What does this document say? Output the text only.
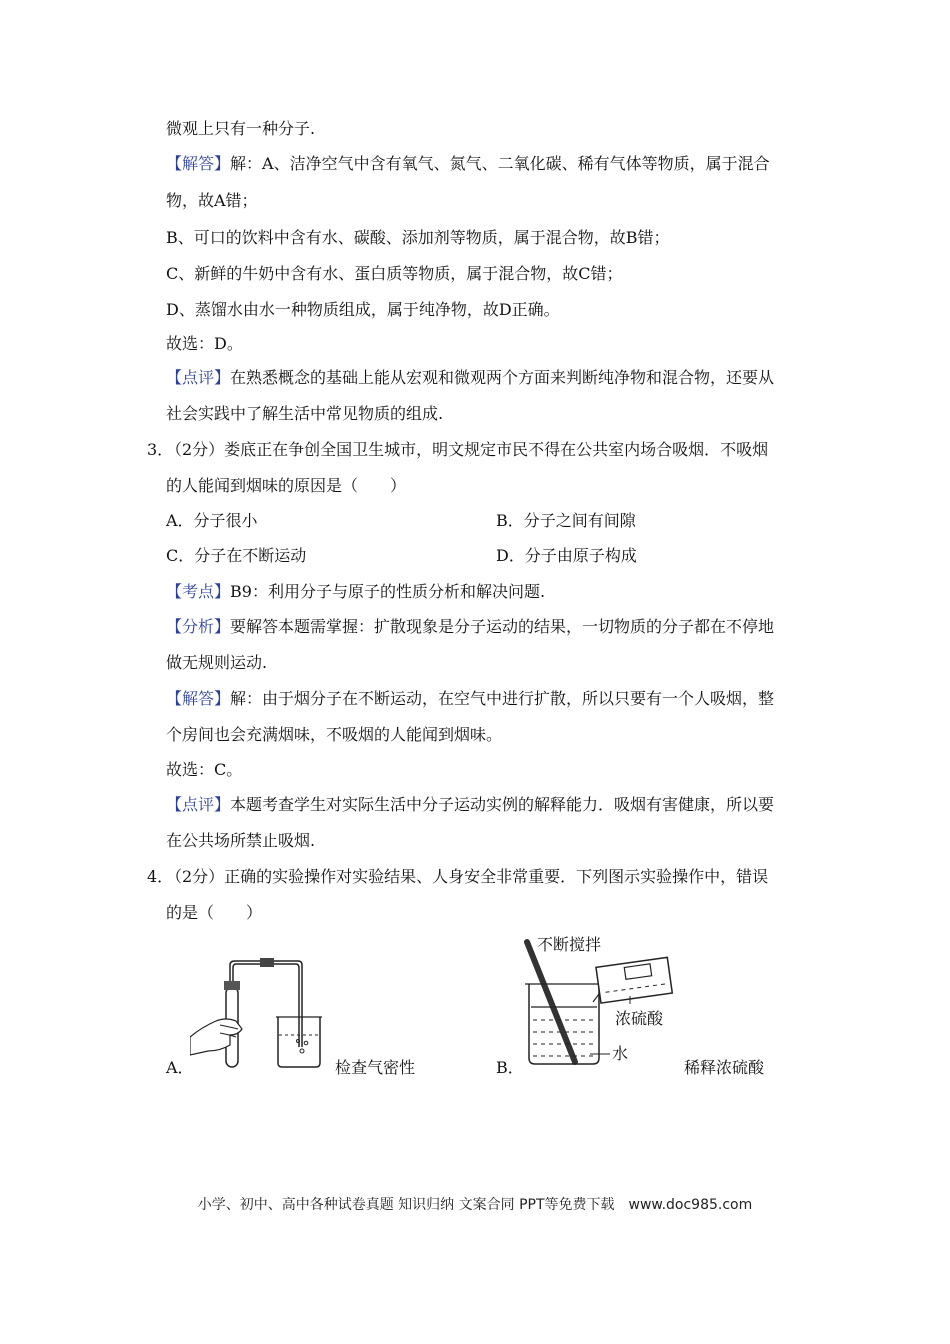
微观上只有一种分子.
【解答】解：A、洁净空气中含有氧气、氮气、二氧化碳、稀有气体等物质，属于混合
物，故A错；
B、可口的饮料中含有水、碳酸、添加剂等物质，属于混合物，故B错；
C、新鲜的牛奶中含有水、蛋白质等物质，属于混合物，故C错；
D、蒸馏水由水一种物质组成，属于纯净物，故D正确。
故选：D。
【点评】在熟悉概念的基础上能从宏观和微观两个方面来判断纯净物和混合物，还要从
社会实践中了解生活中常见物质的组成.
3．
（2分）娄底正在争创全国卫生城市，明文规定市民不得在公共室内场合吸烟．不吸烟
的人能闻到烟味的原因是（　　）
A．分子很小	B．分子之间有间隙
C．分子在不断运动	D．分子由原子构成
【考点】B9：利用分子与原子的性质分析和解决问题.
【分析】要解答本题需掌握：扩散现象是分子运动的结果，一切物质的分子都在不停地
做无规则运动.
【解答】解：由于烟分子在不断运动，在空气中进行扩散，所以只要有一个人吸烟，整
个房间也会充满烟味，不吸烟的人能闻到烟味。
故选：C。
【点评】本题考查学生对实际生活中分子运动实例的解释能力．吸烟有害健康，所以要
在公共场所禁止吸烟.
4．
（2分）正确的实验操作对实验结果、人身安全非常重要．下列图示实验操作中，错误
的是（　　）
A．	检查气密性	B．
不断搅拌
浓硫酸
水
稀释浓硫酸
小学、初中、高中各种试卷真题 知识归纳 文案合同 PPT等免费下载　www.doc985.com
